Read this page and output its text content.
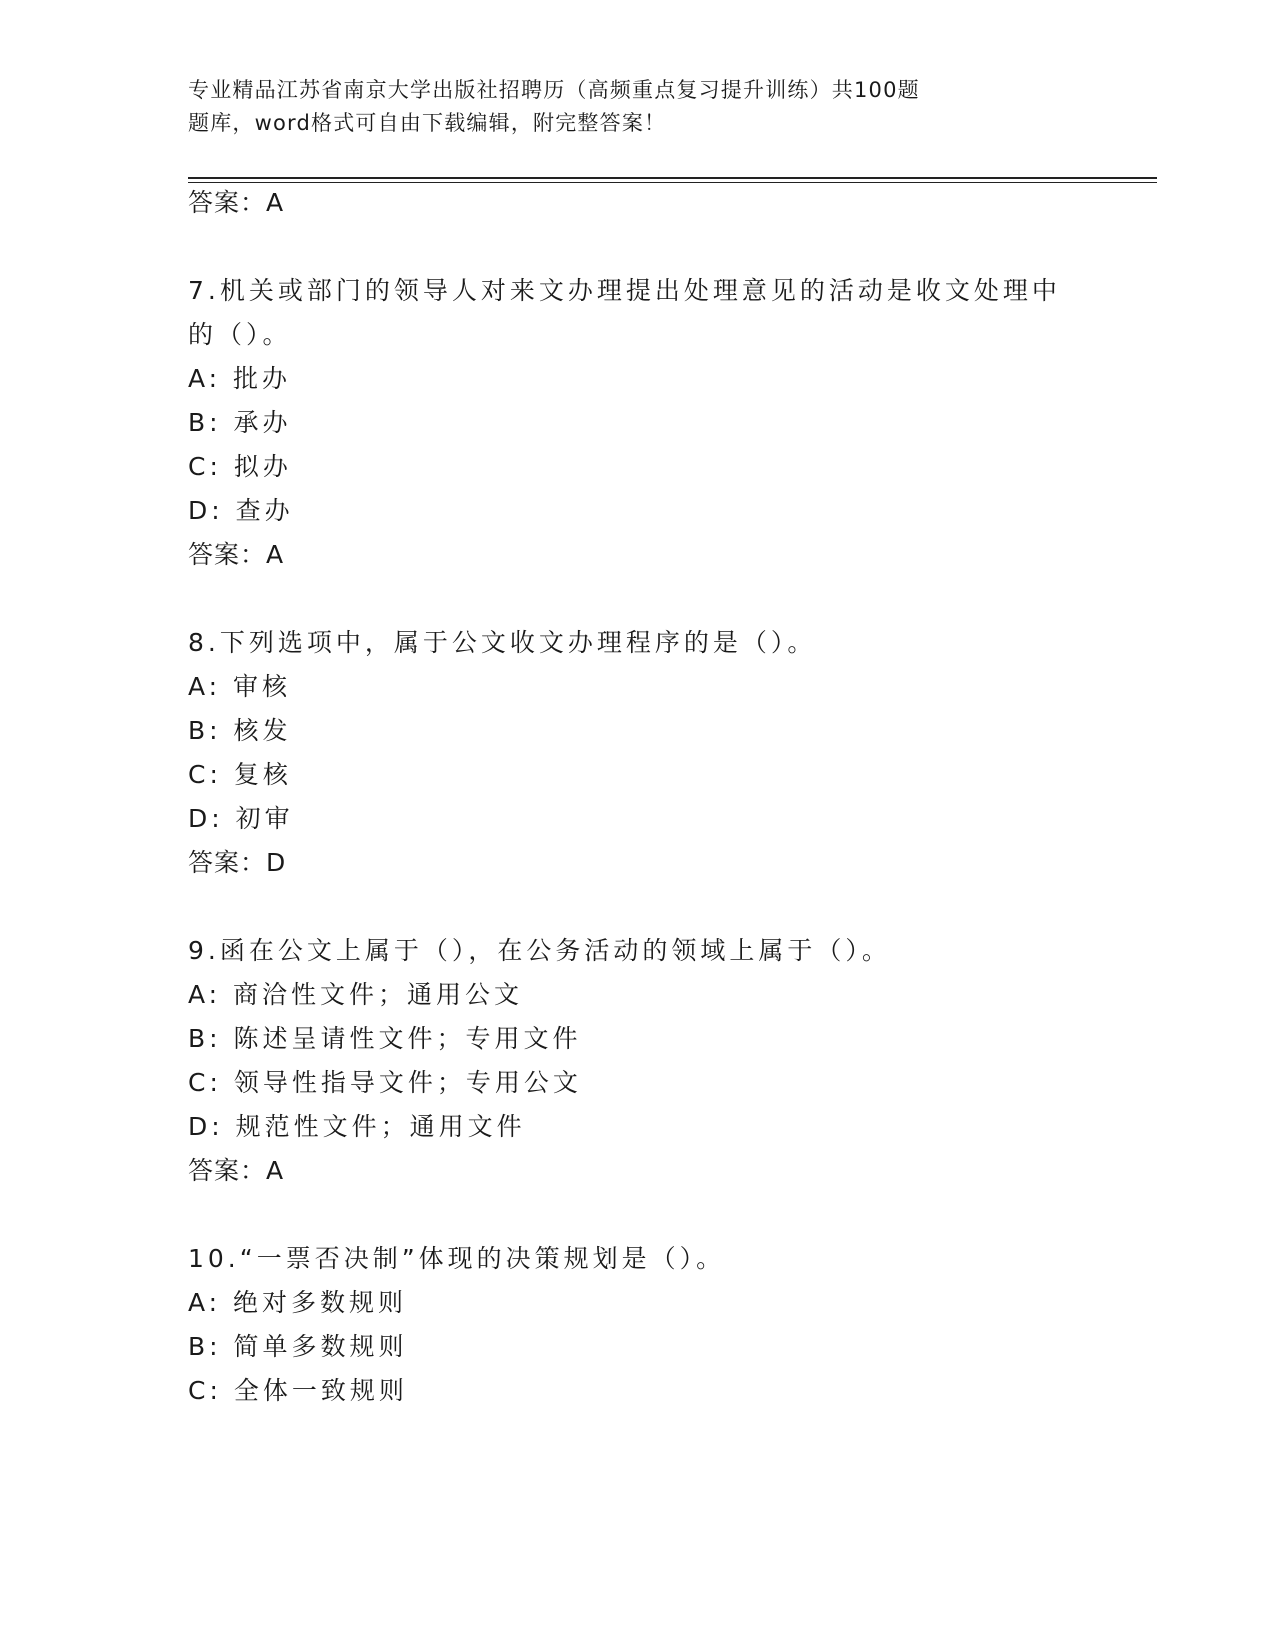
专业精品江苏省南京大学出版社招聘历（高频重点复习提升训练）共100题
题库，word格式可自由下载编辑，附完整答案！
答案：A
7.机关或部门的领导人对来文办理提出处理意见的活动是收文处理中
的（）。
A: 批办
B: 承办
C: 拟办
D: 查办
答案：A
8.下列选项中，属于公文收文办理程序的是（）。
A: 审核
B: 核发
C: 复核
D: 初审
答案：D
9.函在公文上属于（），在公务活动的领域上属于（）。
A: 商洽性文件；通用公文
B: 陈述呈请性文件；专用文件
C: 领导性指导文件；专用公文
D: 规范性文件；通用文件
答案：A
10.“一票否决制”体现的决策规划是（）。
A: 绝对多数规则
B: 简单多数规则
C: 全体一致规则
